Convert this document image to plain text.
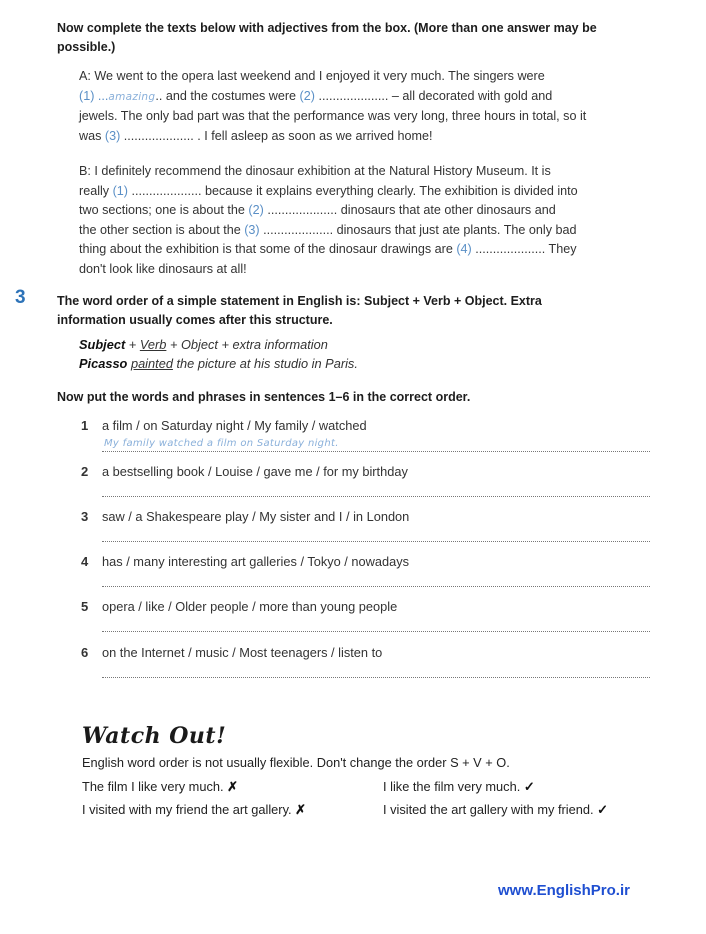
Now complete the texts below with adjectives from the box. (More than one answer may be
possible.)
A: We went to the opera last weekend and I enjoyed it very much. The singers were
(1) ...amazing.. and the costumes were (2) .................... – all decorated with gold and
jewels. The only bad part was that the performance was very long, three hours in total, so it
was (3) .................... . I fell asleep as soon as we arrived home!
B: I definitely recommend the dinosaur exhibition at the Natural History Museum. It is
really (1) .................... because it explains everything clearly. The exhibition is divided into
two sections; one is about the (2) .................... dinosaurs that ate other dinosaurs and
the other section is about the (3) .................... dinosaurs that just ate plants. The only bad
thing about the exhibition is that some of the dinosaur drawings are (4) .................... They
don't look like dinosaurs at all!
3	The word order of a simple statement in English is: Subject + Verb + Object. Extra
information usually comes after this structure.
Subject + Verb + Object + extra information
Picasso painted the picture at his studio in Paris.
Now put the words and phrases in sentences 1–6 in the correct order.
1 a film / on Saturday night / My family / watched
My family watched a film on Saturday night.
2 a bestselling book / Louise / gave me / for my birthday
3 saw / a Shakespeare play / My sister and I / in London
4 has / many interesting art galleries / Tokyo / nowadays
5 opera / like / Older people / more than young people
6 on the Internet / music / Most teenagers / listen to
Watch Out!
English word order is not usually flexible. Don't change the order S + V + O.
The film I like very much. ✗	I like the film very much. ✓
I visited with my friend the art gallery. ✗	I visited the art gallery with my friend. ✓
www.EnglishPro.ir
